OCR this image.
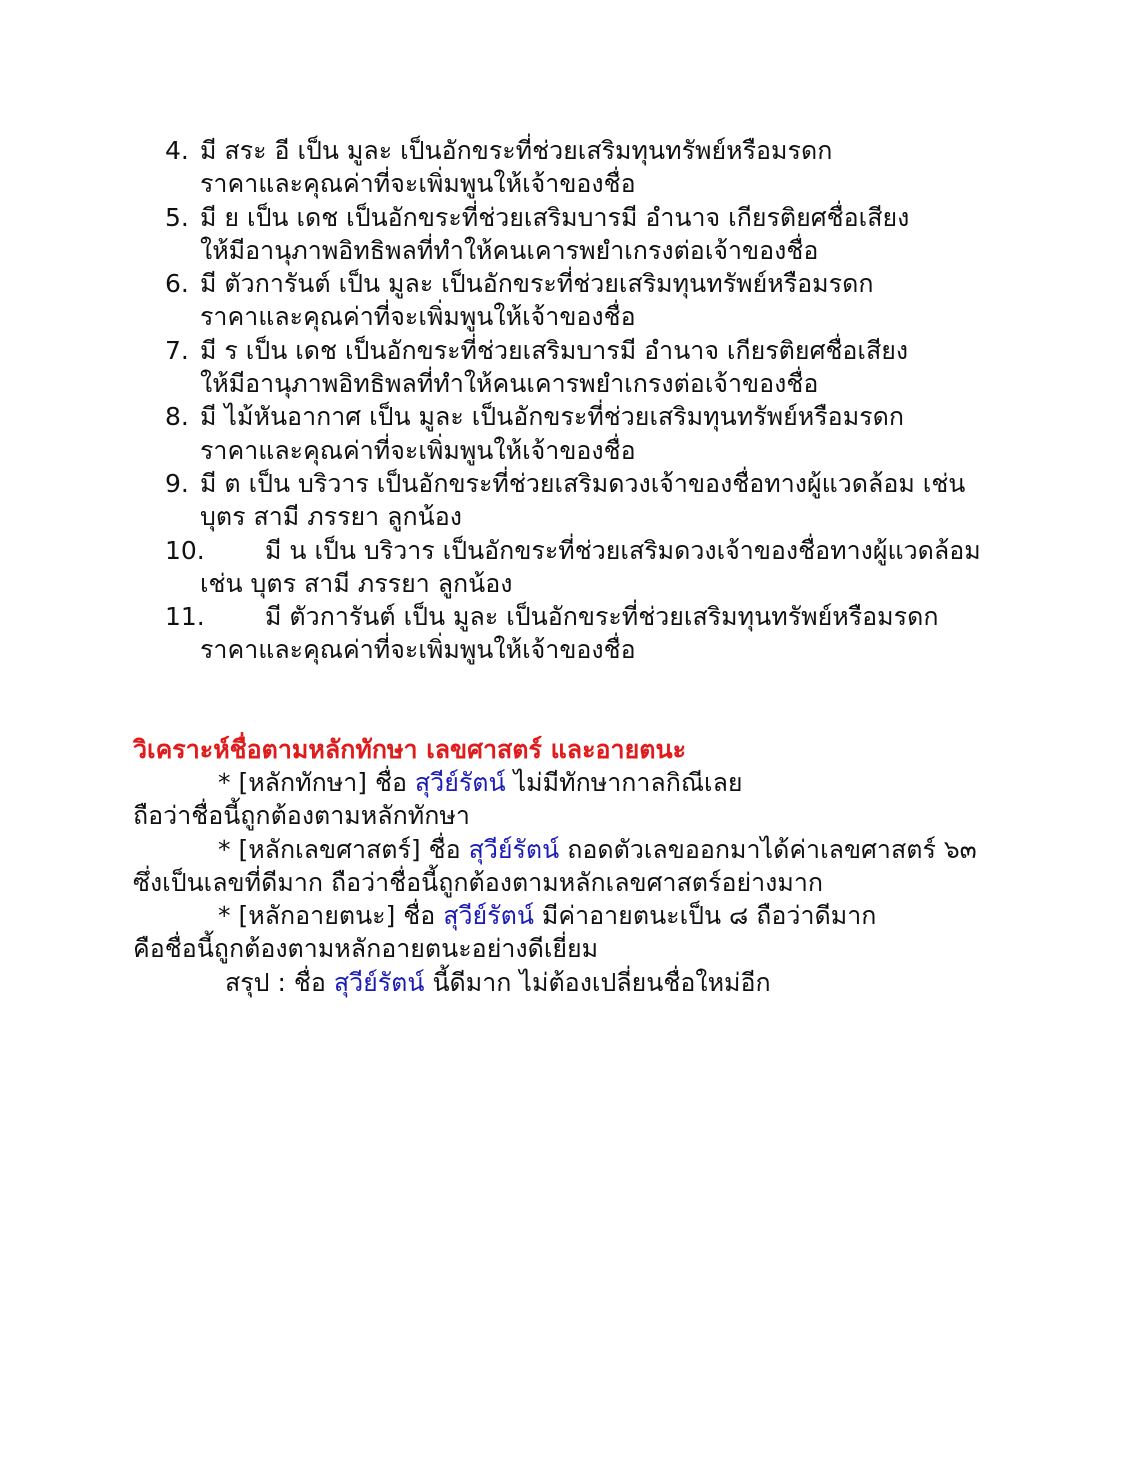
4. มี สระ อี เป็น มูละ เป็นอักขระที่ช่วยเสริมทุนทรัพย์หรือมรดก
ราคาและคุณค่าที่จะเพิ่มพูนให้เจ้าของชื่อ
5. มี ย เป็น เดช เป็นอักขระที่ช่วยเสริมบารมี อำนาจ เกียรติยศชื่อเสียง
ให้มีอานุภาพอิทธิพลที่ทำให้คนเคารพยำเกรงต่อเจ้าของชื่อ
6. มี ตัวการันต์ เป็น มูละ เป็นอักขระที่ช่วยเสริมทุนทรัพย์หรือมรดก
ราคาและคุณค่าที่จะเพิ่มพูนให้เจ้าของชื่อ
7. มี ร เป็น เดช เป็นอักขระที่ช่วยเสริมบารมี อำนาจ เกียรติยศชื่อเสียง
ให้มีอานุภาพอิทธิพลที่ทำให้คนเคารพยำเกรงต่อเจ้าของชื่อ
8. มี ไม้หันอากาศ เป็น มูละ เป็นอักขระที่ช่วยเสริมทุนทรัพย์หรือมรดก
ราคาและคุณค่าที่จะเพิ่มพูนให้เจ้าของชื่อ
9. มี ต เป็น บริวาร เป็นอักขระที่ช่วยเสริมดวงเจ้าของชื่อทางผู้แวดล้อม เช่น
บุตร สามี ภรรยา ลูกน้อง
10.	มี น เป็น บริวาร เป็นอักขระที่ช่วยเสริมดวงเจ้าของชื่อทางผู้แวดล้อม
เช่น บุตร สามี ภรรยา ลูกน้อง
11.	มี ตัวการันต์ เป็น มูละ เป็นอักขระที่ช่วยเสริมทุนทรัพย์หรือมรดก
ราคาและคุณค่าที่จะเพิ่มพูนให้เจ้าของชื่อ
วิเคราะห์ชื่อตามหลักทักษา เลขศาสตร์ และอายตนะ
* [หลักทักษา] ชื่อ สุวีย์รัตน์ ไม่มีทักษากาลกิณีเลย
ถือว่าชื่อนี้ถูกต้องตามหลักทักษา
* [หลักเลขศาสตร์] ชื่อ สุวีย์รัตน์ ถอดตัวเลขออกมาได้ค่าเลขศาสตร์ ๖๓
ซึ่งเป็นเลขที่ดีมาก ถือว่าชื่อนี้ถูกต้องตามหลักเลขศาสตร์อย่างมาก
* [หลักอายตนะ] ชื่อ สุวีย์รัตน์ มีค่าอายตนะเป็น ๘ ถือว่าดีมาก
คือชื่อนี้ถูกต้องตามหลักอายตนะอย่างดีเยี่ยม
สรุป : ชื่อ สุวีย์รัตน์ นี้ดีมาก ไม่ต้องเปลี่ยนชื่อใหม่อีก
